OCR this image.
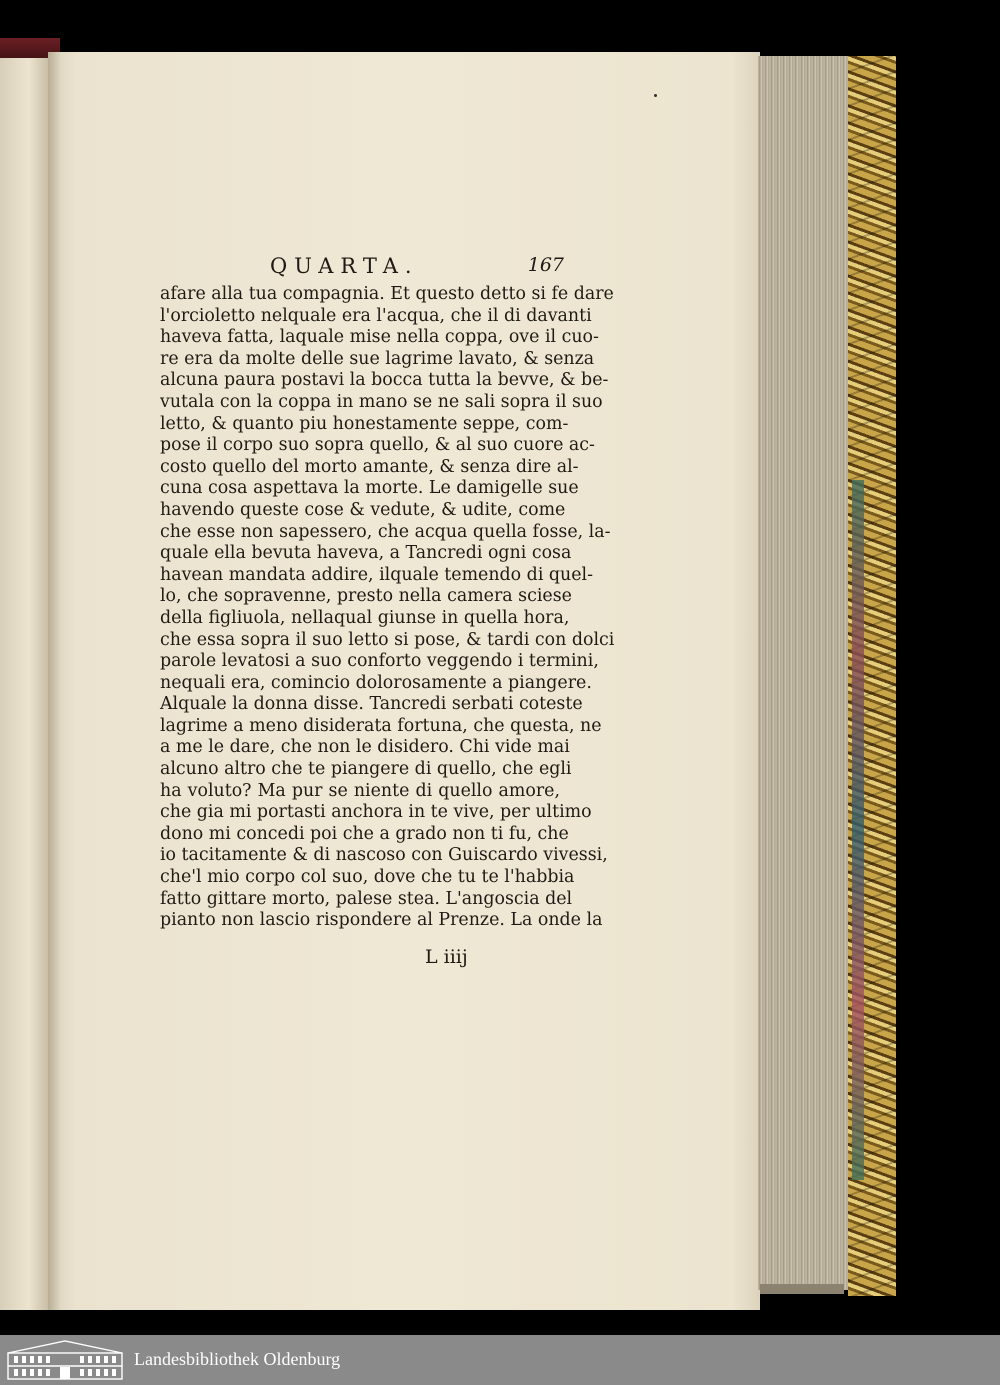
QUARTA.	167
afare alla tua compagnia. Et questo detto si fe dare
l'orcioletto nelquale era l'acqua, che il di davanti
haveva fatta, laquale mise nella coppa, ove il cuo-
re era da molte delle sue lagrime lavato, & senza
alcuna paura postavi la bocca tutta la bevve, & be-
vutala con la coppa in mano se ne sali sopra il suo
letto, & quanto piu honestamente seppe, com-
pose il corpo suo sopra quello, & al suo cuore ac-
costo quello del morto amante, & senza dire al-
cuna cosa aspettava la morte. Le damigelle sue
havendo queste cose & vedute, & udite, come
che esse non sapessero, che acqua quella fosse, la-
quale ella bevuta haveva, a Tancredi ogni cosa
havean mandata addire, ilquale temendo di quel-
lo, che sopravenne, presto nella camera sciese
della figliuola, nellaqual giunse in quella hora,
che essa sopra il suo letto si pose, & tardi con dolci
parole levatosi a suo conforto veggendo i termini,
nequali era, comincio dolorosamente a piangere.
Alquale la donna disse. Tancredi serbati coteste
lagrime a meno disiderata fortuna, che questa, ne
a me le dare, che non le disidero. Chi vide mai
alcuno altro che te piangere di quello, che egli
ha voluto? Ma pur se niente di quello amore,
che gia mi portasti anchora in te vive, per ultimo
dono mi concedi poi che a grado non ti fu, che
io tacitamente & di nascoso con Guiscardo vivessi,
che'l mio corpo col suo, dove che tu te l'habbia
fatto gittare morto, palese stea. L'angoscia del
pianto non lascio rispondere al Prenze. La onde la
L iiij
Landesbibliothek Oldenburg
